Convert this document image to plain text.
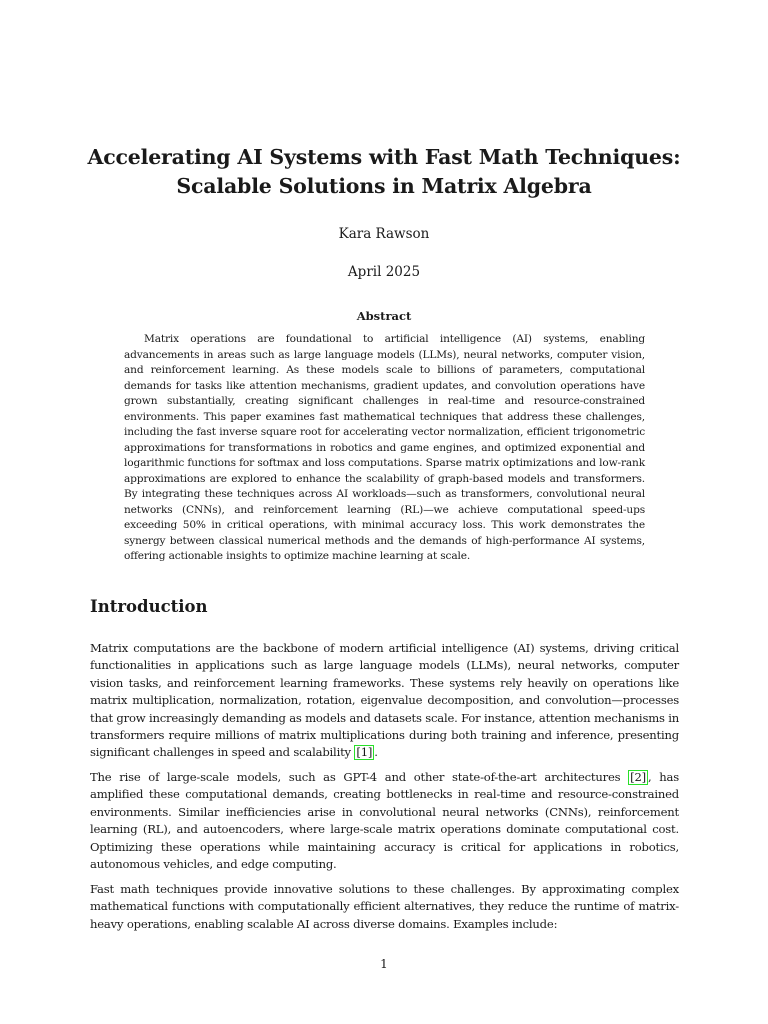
Accelerating AI Systems with Fast Math Techniques:
Scalable Solutions in Matrix Algebra
Kara Rawson
April 2025
Abstract

Matrix operations are foundational to artificial intelligence (AI) systems, enabling advancements in areas such as large language models (LLMs), neural networks, computer vision, and reinforcement learning. As these models scale to billions of parameters, computational demands for tasks like attention mechanisms, gradient updates, and convolution operations have grown substantially, creating significant challenges in real-time and resource-constrained environments. This paper examines fast mathematical techniques that address these challenges, including the fast inverse square root for accelerating vector normalization, efficient trigonometric approximations for transformations in robotics and game engines, and optimized exponential and logarithmic functions for softmax and loss computations. Sparse matrix optimizations and low-rank approximations are explored to enhance the scalability of graph-based models and transformers. By integrating these techniques across AI workloads—such as transformers, convolutional neural networks (CNNs), and reinforcement learning (RL)—we achieve computational speed-ups exceeding 50% in critical operations, with minimal accuracy loss. This work demonstrates the synergy between classical numerical methods and the demands of high-performance AI systems, offering actionable insights to optimize machine learning at scale.

Introduction

Matrix computations are the backbone of modern artificial intelligence (AI) systems, driving critical functionalities in applications such as large language models (LLMs), neural networks, computer vision tasks, and reinforcement learning frameworks. These systems rely heavily on operations like matrix multiplication, normalization, rotation, eigenvalue decomposition, and convolution—processes that grow increasingly demanding as models and datasets scale. For instance, attention mechanisms in transformers require millions of matrix multiplications during both training and inference, presenting significant challenges in speed and scalability [1] .

The rise of large-scale models, such as GPT-4 and other state-of-the-art architectures [2] , has amplified these computational demands, creating bottlenecks in real-time and resource-constrained environments. Similar inefficiencies arise in convolutional neural networks (CNNs), reinforcement learning (RL), and autoencoders, where large-scale matrix operations dominate computational cost. Optimizing these operations while maintaining accuracy is critical for applications in robotics, autonomous vehicles, and edge computing.

Fast math techniques provide innovative solutions to these challenges. By approximating complex mathematical functions with computationally efficient alternatives, they reduce the runtime of matrix-heavy operations, enabling scalable AI across diverse domains. Examples include:

1
